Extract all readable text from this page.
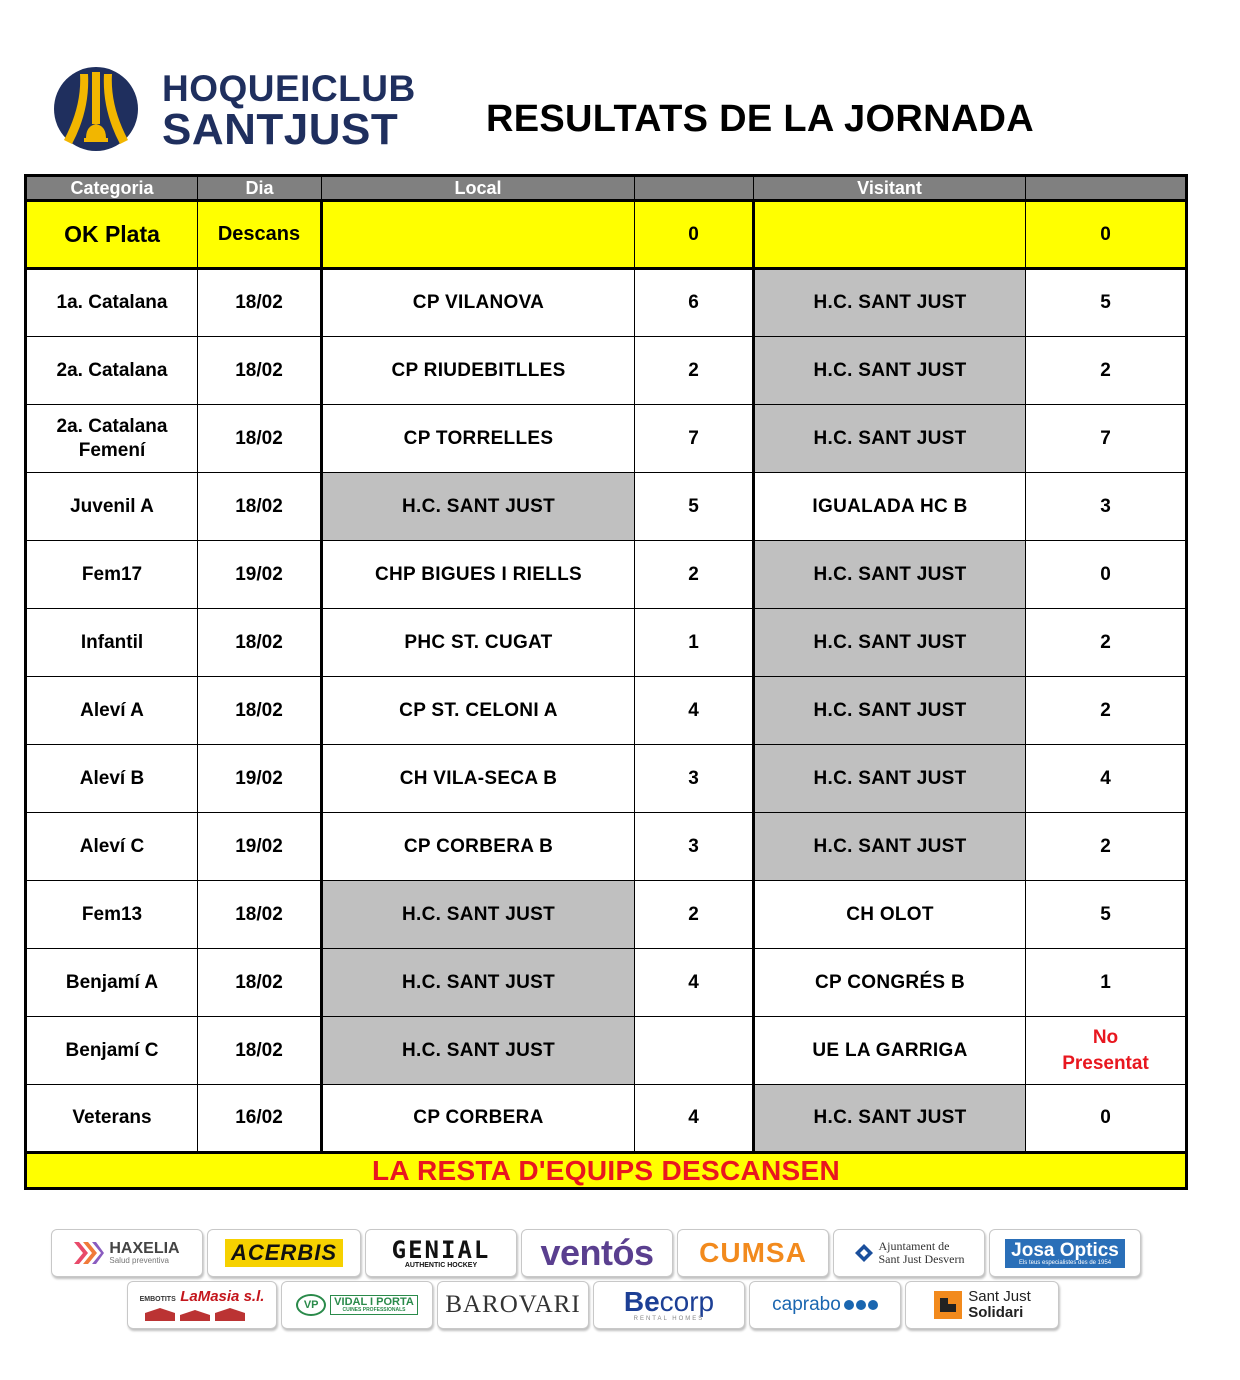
HOQUEICLUB
SANTJUST	RESULTATS DE LA JORNADA
Categoria	Dia	Local		Visitant	
OK Plata	Descans		0		0
1a. Catalana	18/02	CP VILANOVA	6	H.C. SANT JUST	5
2a. Catalana	18/02	CP RIUDEBITLLES	2	H.C. SANT JUST	2
2a. Catalana Femení	18/02	CP TORRELLES	7	H.C. SANT JUST	7
Juvenil A	18/02	H.C. SANT JUST	5	IGUALADA HC B	3
Fem17	19/02	CHP BIGUES I RIELLS	2	H.C. SANT JUST	0
Infantil	18/02	PHC ST. CUGAT	1	H.C. SANT JUST	2
Aleví A	18/02	CP ST. CELONI A	4	H.C. SANT JUST	2
Aleví B	19/02	CH VILA-SECA B	3	H.C. SANT JUST	4
Aleví C	19/02	CP CORBERA B	3	H.C. SANT JUST	2
Fem13	18/02	H.C. SANT JUST	2	CH OLOT	5
Benjamí A	18/02	H.C. SANT JUST	4	CP CONGRÉS B	1
Benjamí C	18/02	H.C. SANT JUST		UE LA GARRIGA	No
Presentat

Veterans	16/02	CP CORBERA	4	H.C. SANT JUST	0
LA RESTA D'EQUIPS DESCANSEN					
HAXELIA
Salud preventiva	ACERBIS GENIAL
AUTHENTIC HOCKEY	ventós CUMSA	Ajuntament de
Sant Just Desvern Josa Optics
Els teus especialistes des de 1954
EMBOTITS LaMasia s.l.	VP	VIDAL I PORTA
CUINES PROFESSIONALS	BAROVARI Becorp
RENTAL HOMES
caprabo	Sant Just
Solidari
